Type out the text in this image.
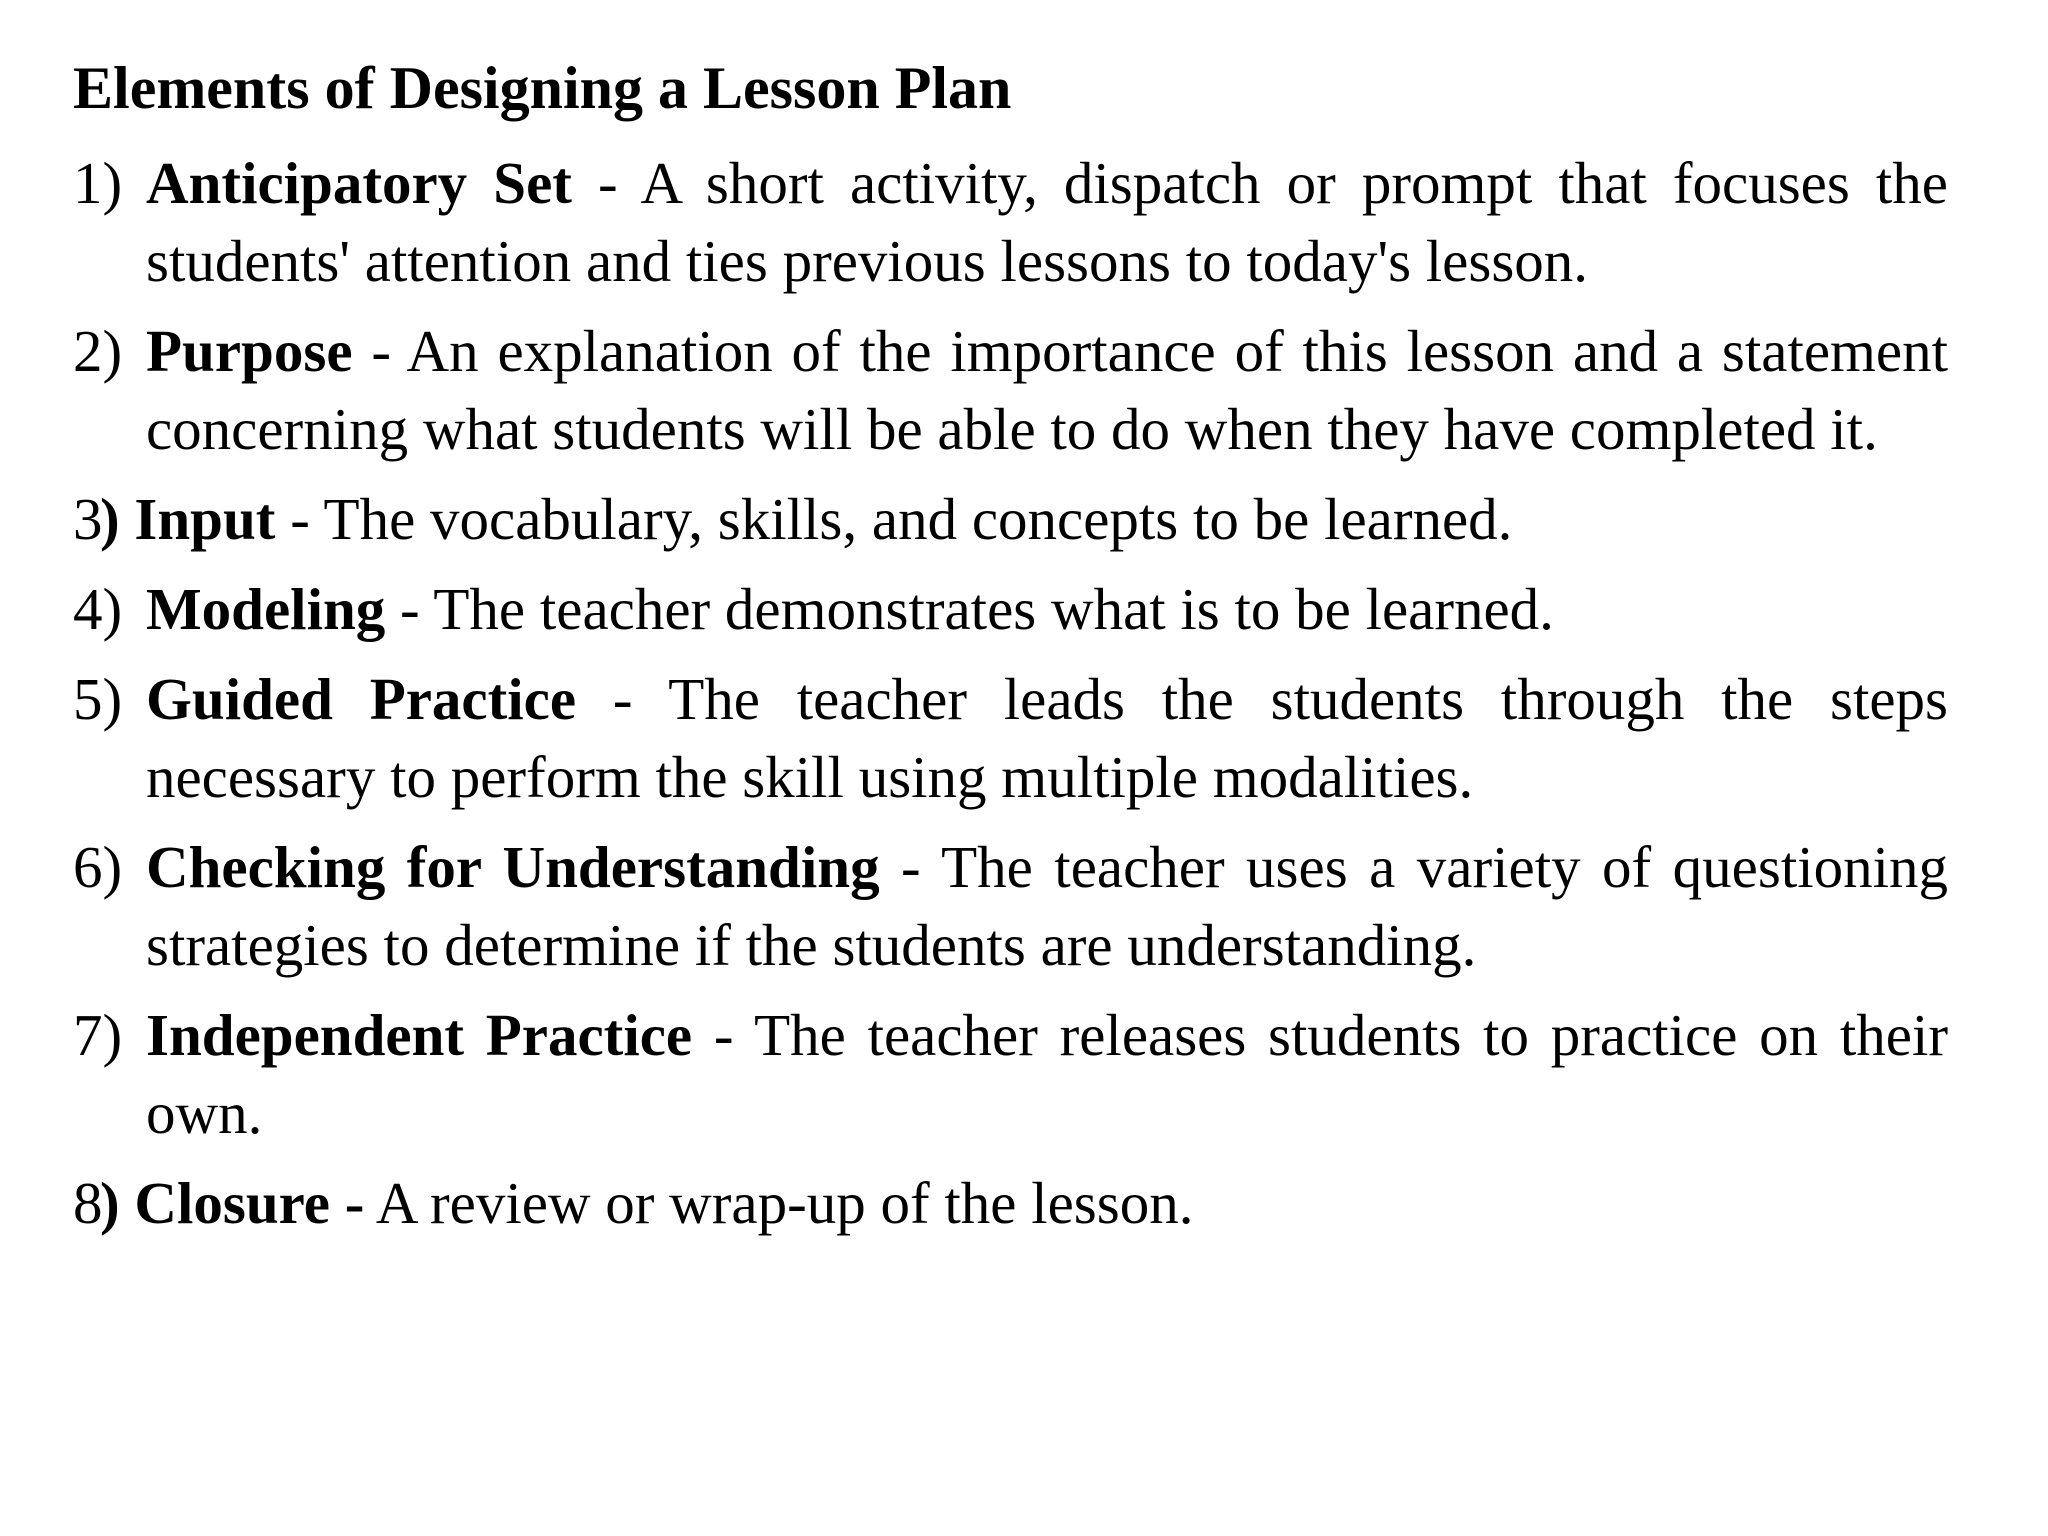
Elements of Designing a Lesson Plan
1) Anticipatory Set - A short activity, dispatch or prompt that focuses the students' attention and ties previous lessons to today's lesson.
2) Purpose - An explanation of the importance of this lesson and a statement concerning what students will be able to do when they have completed it.
3
) Input - The vocabulary, skills, and concepts to be learned.
4) Modeling - The teacher demonstrates what is to be learned.
5) Guided Practice - The teacher leads the students through the steps necessary to perform the skill using multiple modalities.
6) Checking for Understanding - The teacher uses a variety of questioning strategies to determine if the students are understanding.
7) Independent Practice - The teacher releases students to practice on their own.
8
) Closure - A review or wrap-up of the lesson.
